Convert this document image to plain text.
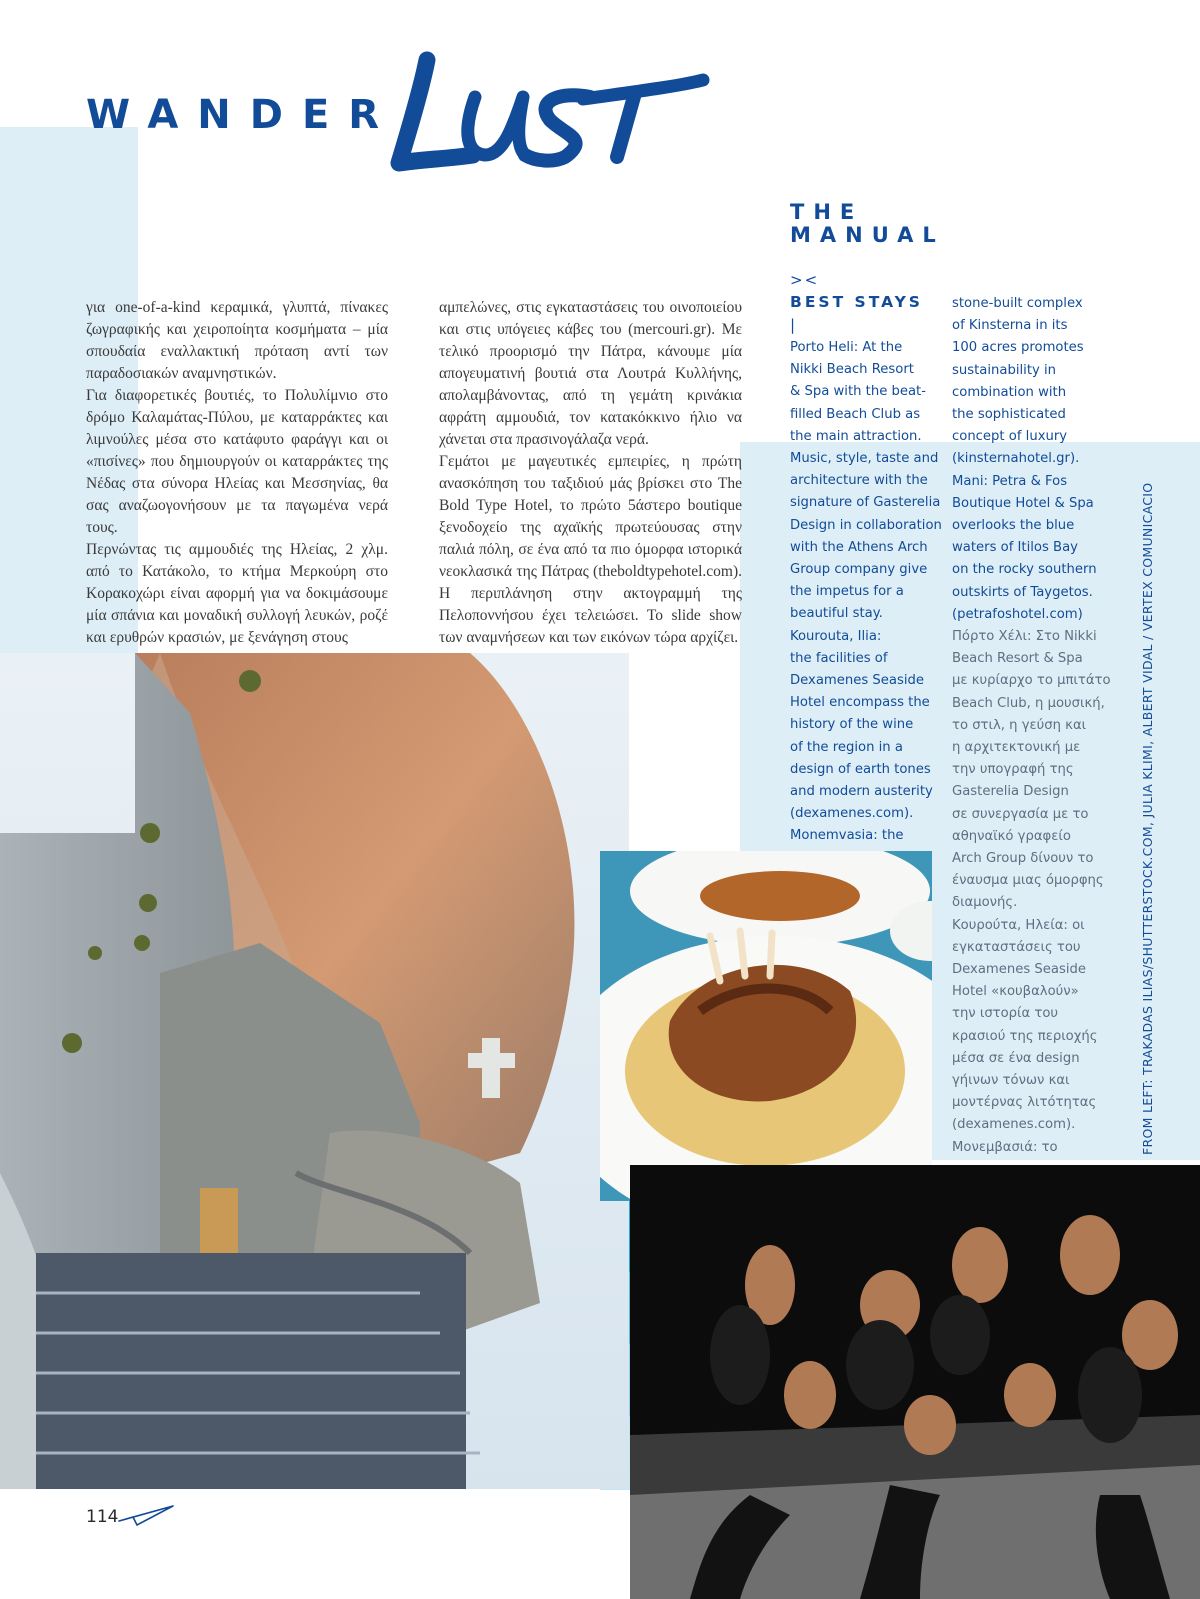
WANDER
THE
MANUAL
><
BEST STAYS
|

για one-of-a-kind κεραμικά, γλυπτά, πίνακες ζωγραφικής και χειροποίητα κοσμήματα – μία σπουδαία εναλλακτική πρόταση αντί των παραδοσιακών αναμνηστικών.

Για διαφορετικές βουτιές, το Πολυλίμνιο στο δρόμο Καλαμάτας-Πύλου, με καταρράκτες και λιμνούλες μέσα στο κατάφυτο φαράγγι και οι «πισίνες» που δημιουργούν οι καταρράκτες της Νέδας στα σύνορα Ηλείας και Μεσσηνίας, θα σας αναζωογονήσουν με τα παγωμένα νερά τους.

Περνώντας τις αμμουδιές της Ηλείας, 2 χλμ. από το Κατάκολο, το κτήμα Μερκούρη στο Κορακοχώρι είναι αφορμή για να δοκιμάσουμε μία σπάνια και μοναδική συλλογή λευκών, ροζέ και ερυθρών κρασιών, με ξενάγηση στους

αμπελώνες, στις εγκαταστάσεις του οινοποιείου και στις υπόγειες κάβες του (mercouri.gr). Με τελικό προορισμό την Πάτρα, κάνουμε μία απογευματινή βουτιά στα Λουτρά Κυλλήνης, απολαμβάνοντας, από τη γεμάτη κρινάκια αφράτη αμμουδιά, τον κατακόκκινο ήλιο να χάνεται στα πρασινογάλαζα νερά.

Γεμάτοι με μαγευτικές εμπειρίες, η πρώτη ανασκόπηση του ταξιδιού μάς βρίσκει στο The Bold Type Hotel, το πρώτο 5άστερο boutique ξενοδοχείο της αχαϊκής πρωτεύουσας στην παλιά πόλη, σε ένα από τα πιο όμορφα ιστορικά νεοκλασικά της Πάτρας (theboldtypehotel.com). Η περιπλάνηση στην ακτογραμμή της Πελοποννήσου έχει τελειώσει. Το slide show των αναμνήσεων και των εικόνων τώρα αρχίζει.

Porto Heli: At the
Nikki Beach Resort
& Spa with the beat-
filled Beach Club as
the main attraction.
Music, style, taste and
architecture with the
signature of Gasterelia
Design in collaboration
with the Athens Arch
Group company give
the impetus for a
beautiful stay.
Kourouta, Ilia:
the facilities of
Dexamenes Seaside
Hotel encompass the
history of the wine
of the region in a
design of earth tones
and modern austerity
(dexamenes.com).
Monemvasia: the
stone-built complex
of Kinsterna in its
100 acres promotes
sustainability in
combination with
the sophisticated
concept of luxury
(kinsternahotel.gr).
Mani: Petra & Fos
Boutique Hotel & Spa
overlooks the blue
waters of Itilos Bay
on the rocky southern
outskirts of Taygetos.
(petrafoshotel.com)
Πόρτο Χέλι: Στο Nikki
Beach Resort & Spa
με κυρίαρχο το μπιτάτο
Beach Club, η μουσική,
το στιλ, η γεύση και
η αρχιτεκτονική με
την υπογραφή της
Gasterelia Design
σε συνεργασία με το
αθηναϊκό γραφείο
Arch Group δίνουν το
έναυσμα μιας όμορφης
διαμονής.
Κουρούτα, Ηλεία: οι
εγκαταστάσεις του
Dexamenes Seaside
Hotel «κουβαλούν»
την ιστορία του
κρασιού της περιοχής
μέσα σε ένα design
γήινων τόνων και
μοντέρνας λιτότητας
(dexamenes.com).
Μονεμβασιά: το	FROM LEFT: TRAKADAS ILIAS/SHUTTERSTOCK.COM, JULIA KLIMI, ALBERT VIDAL / VERTEX COMUNICACIO
114
